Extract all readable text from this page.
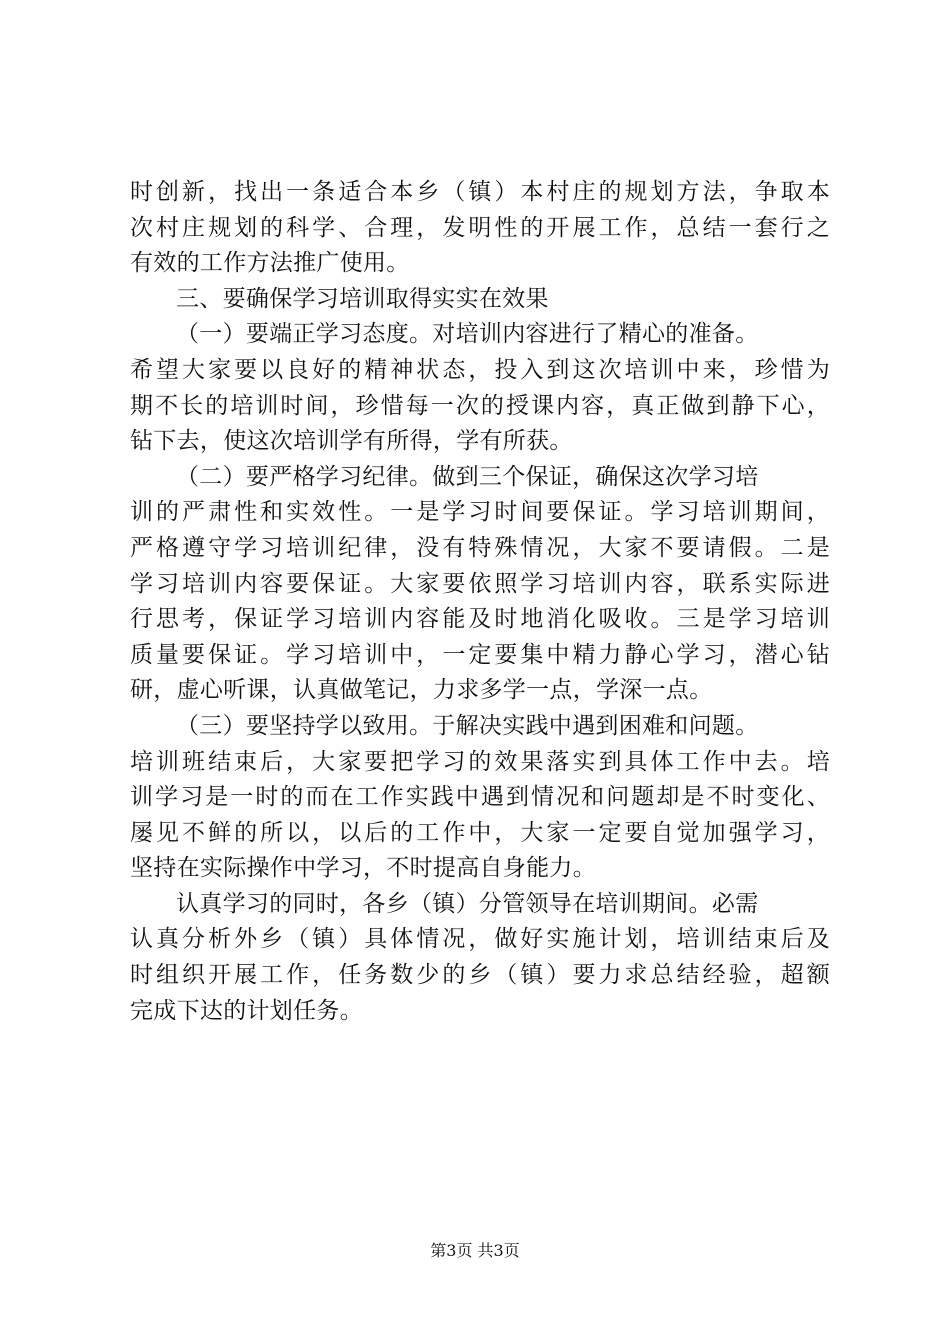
时创新，找出一条适合本乡（镇）本村庄的规划方法，争取本
次村庄规划的科学、合理，发明性的开展工作，总结一套行之
有效的工作方法推广使用。
三、要确保学习培训取得实实在效果
（一）要端正学习态度。对培训内容进行了精心的准备。
希望大家要以良好的精神状态，投入到这次培训中来，珍惜为
期不长的培训时间，珍惜每一次的授课内容，真正做到静下心，
钻下去，使这次培训学有所得，学有所获。
（二）要严格学习纪律。做到三个保证，确保这次学习培
训的严肃性和实效性。一是学习时间要保证。学习培训期间，
严格遵守学习培训纪律，没有特殊情况，大家不要请假。二是
学习培训内容要保证。大家要依照学习培训内容，联系实际进
行思考，保证学习培训内容能及时地消化吸收。三是学习培训
质量要保证。学习培训中，一定要集中精力静心学习，潜心钻
研，虚心听课，认真做笔记，力求多学一点，学深一点。
（三）要坚持学以致用。于解决实践中遇到困难和问题。
培训班结束后，大家要把学习的效果落实到具体工作中去。培
训学习是一时的而在工作实践中遇到情况和问题却是不时变化、
屡见不鲜的所以，以后的工作中，大家一定要自觉加强学习，
坚持在实际操作中学习，不时提高自身能力。
认真学习的同时，各乡（镇）分管领导在培训期间。必需
认真分析外乡（镇）具体情况，做好实施计划，培训结束后及
时组织开展工作，任务数少的乡（镇）要力求总结经验，超额
完成下达的计划任务。
第3页 共3页
